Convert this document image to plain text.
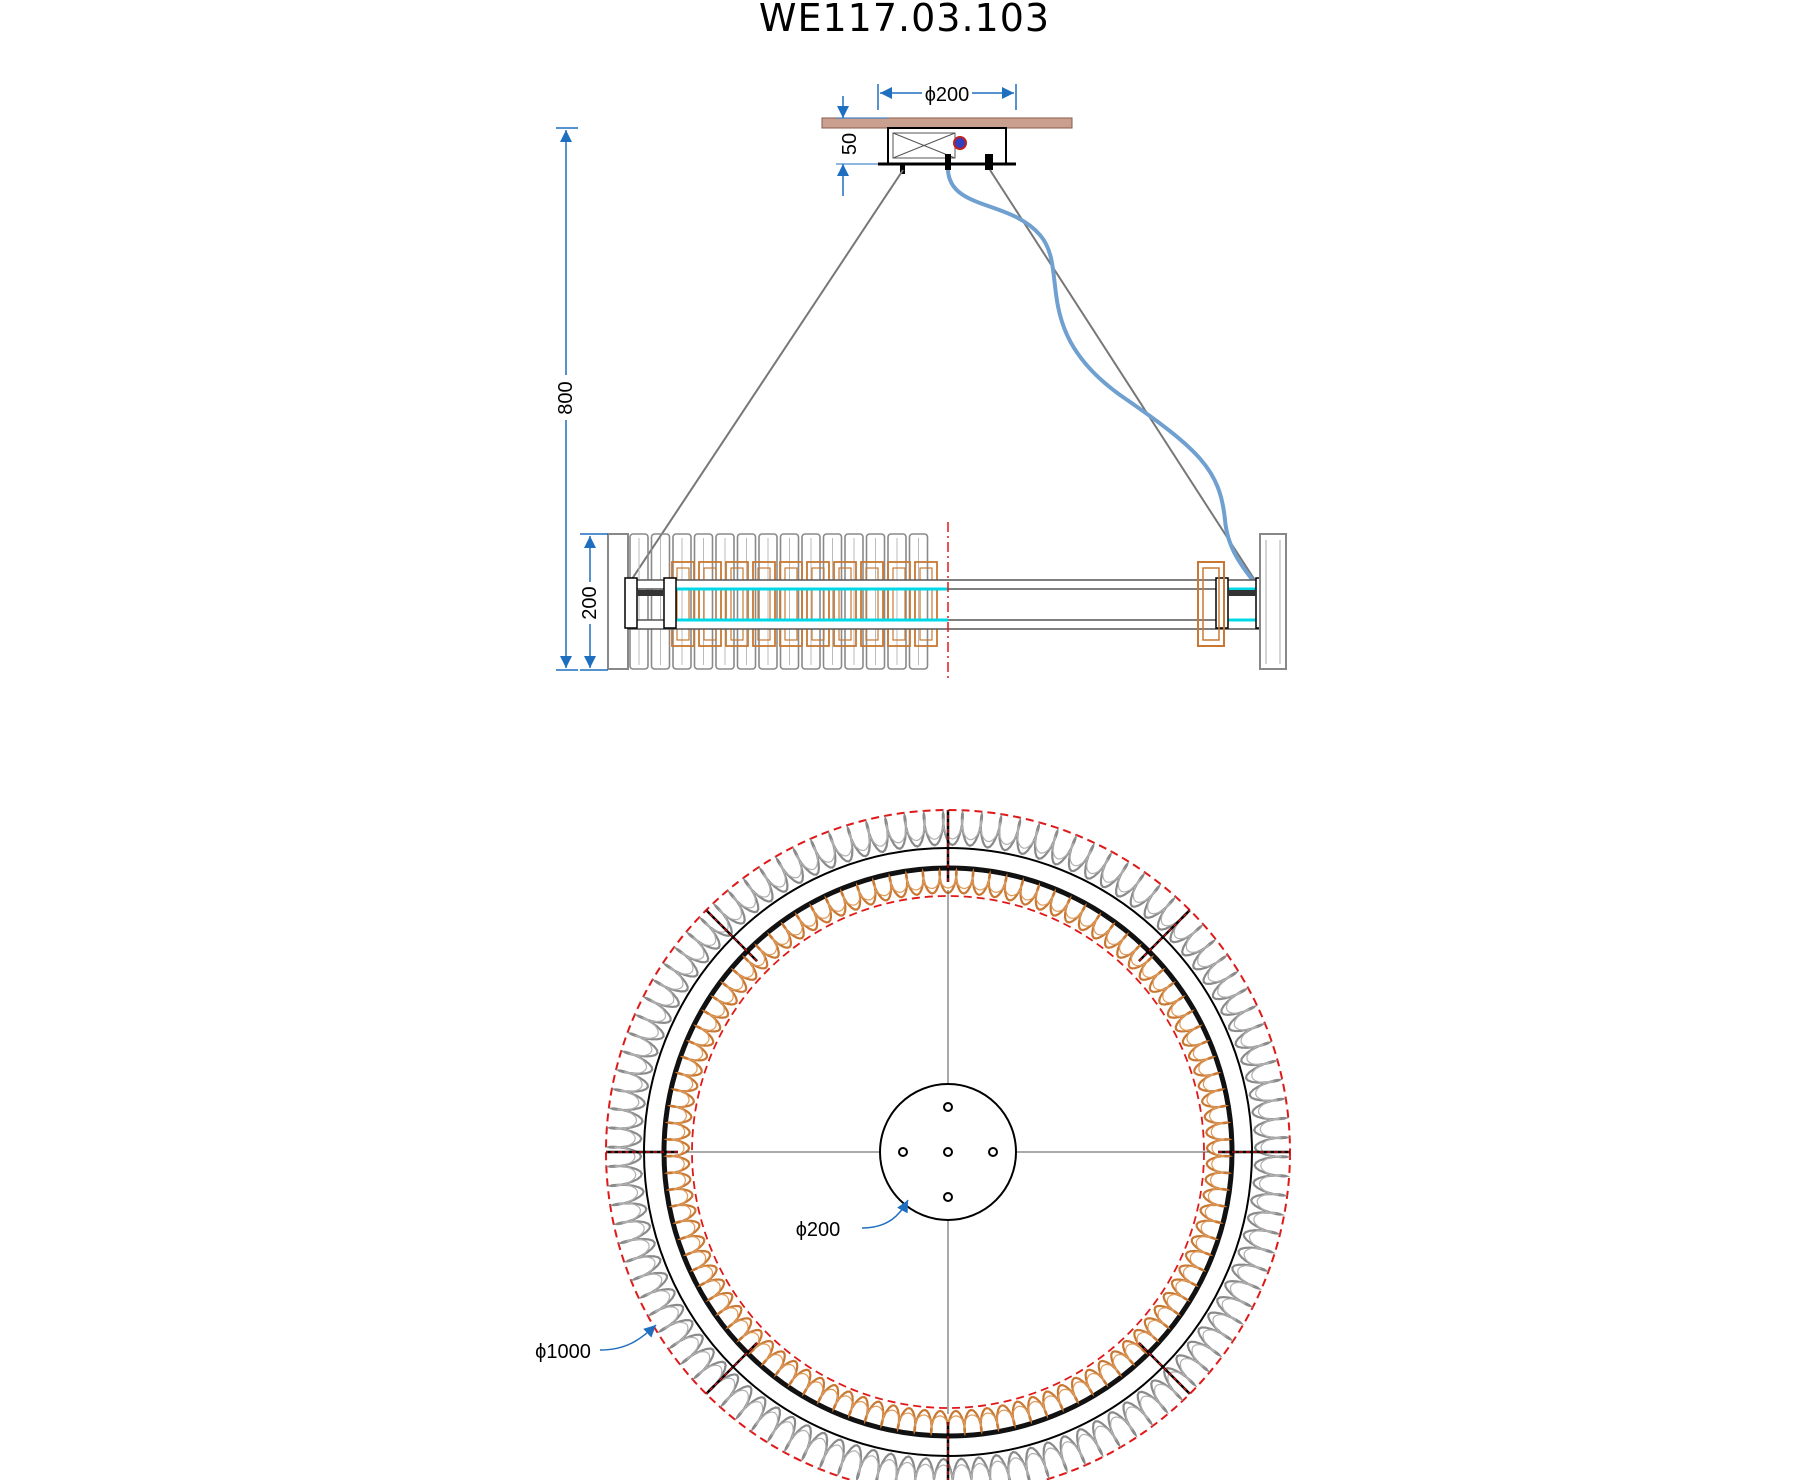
WE117.03.103
ϕ200
50
800
200
ϕ200
ϕ1000
